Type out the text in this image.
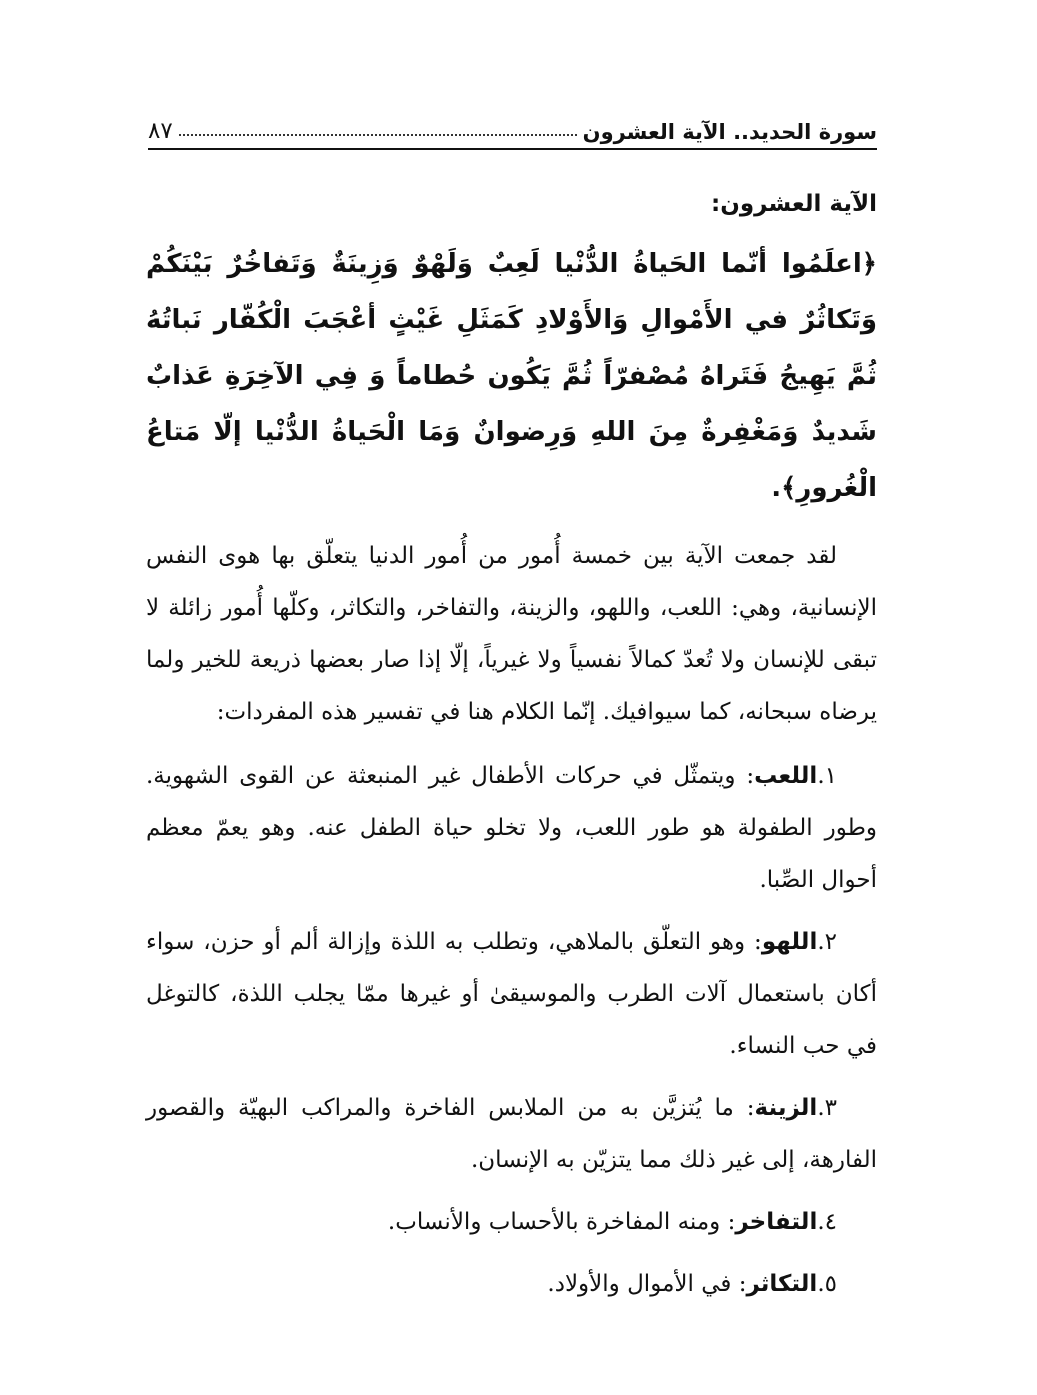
سورة الحديد.. الآية العشرون
٨٧
الآية العشرون:
﴿اعلَمُوا أنّما الحَياةُ الدُّنْيا لَعِبٌ وَلَهْوٌ وَزِينَةٌ وَتَفاخُرٌ بَيْنَكُمْ وَتَكاثُرٌ في الأَمْوالِ وَالأَوْلادِ كَمَثَلِ غَيْثٍ أعْجَبَ الْكُفّار نَباتُهُ ثُمَّ يَهِيجُ فَتَراهُ مُصْفرّاً ثُمَّ يَكُون حُطاماً وَ فِي الآخِرَةِ عَذابٌ شَديدٌ وَمَغْفِرةٌ مِنَ اللهِ وَرِضوانٌ وَمَا الْحَياةُ الدُّنْيا إلّا مَتاعُ الْغُرورِ﴾.

لقد جمعت الآية بين خمسة أُمور من أُمور الدنيا يتعلّق بها هوى النفس الإنسانية، وهي: اللعب، واللهو، والزينة، والتفاخر، والتكاثر، وكلّها أُمور زائلة لا تبقى للإنسان ولا تُعدّ كمالاً نفسياً ولا غيرياً، إلّا إذا صار بعضها ذريعة للخير ولما يرضاه سبحانه، كما سيوافيك. إنّما الكلام هنا في تفسير هذه المفردات:

١.اللعب: ويتمثّل في حركات الأطفال غير المنبعثة عن القوى الشهوية. وطور الطفولة هو طور اللعب، ولا تخلو حياة الطفل عنه. وهو يعمّ معظم أحوال الصِّبا.

٢.اللهو: وهو التعلّق بالملاهي، وتطلب به اللذة وإزالة ألم أو حزن، سواء أكان باستعمال آلات الطرب والموسيقىٰ أو غيرها ممّا يجلب اللذة، كالتوغل في حب النساء.

٣.الزينة: ما يُتزيَّن به من الملابس الفاخرة والمراكب البهيّة والقصور الفارهة، إلى غير ذلك مما يتزيّن به الإنسان.

٤.التفاخر: ومنه المفاخرة بالأحساب والأنساب.

٥.التكاثر: في الأموال والأولاد.
